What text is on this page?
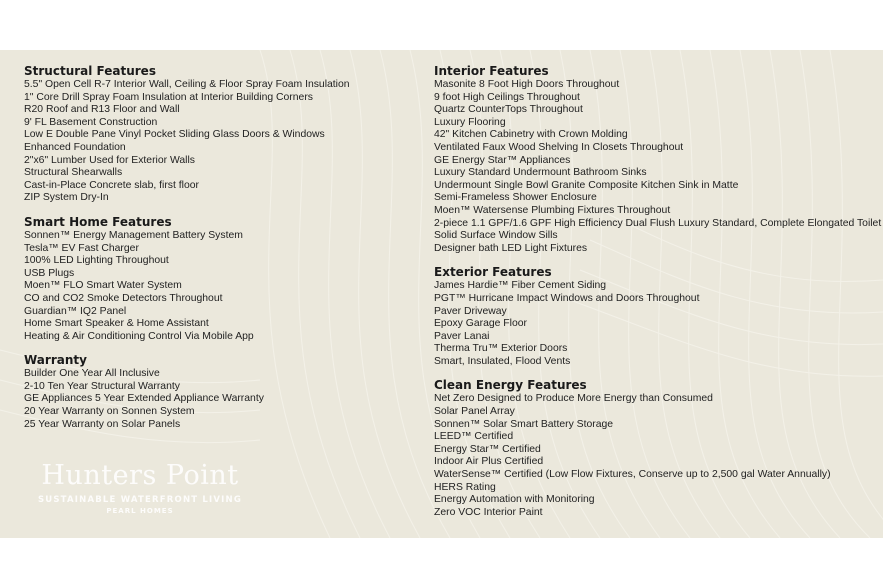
Structural Features
5.5" Open Cell R-7 Interior Wall, Ceiling & Floor Spray Foam Insulation
1" Core Drill Spray Foam Insulation at Interior Building Corners
R20 Roof and R13 Floor and Wall
9' FL Basement Construction
Low E Double Pane Vinyl Pocket Sliding Glass Doors & Windows
Enhanced Foundation
2"x6" Lumber Used for Exterior Walls
Structural Shearwalls
Cast-in-Place Concrete slab, first floor
ZIP System Dry-In
Smart Home Features
Sonnen™ Energy Management Battery System
Tesla™ EV Fast Charger
100% LED Lighting Throughout
USB Plugs
Moen™ FLO Smart Water System
CO and CO2 Smoke Detectors Throughout
Guardian™ IQ2 Panel
Home Smart Speaker & Home Assistant
Heating & Air Conditioning Control Via Mobile App
Warranty
Builder One Year All Inclusive
2-10 Ten Year Structural Warranty
GE Appliances 5 Year Extended Appliance Warranty
20 Year Warranty on Sonnen System
25 Year Warranty on Solar Panels
Interior Features
Masonite 8 Foot High Doors Throughout
9 foot High Ceilings Throughout
Quartz CounterTops Throughout
Luxury Flooring
42" Kitchen Cabinetry with Crown Molding
Ventilated Faux Wood Shelving In Closets Throughout
GE Energy Star™ Appliances
Luxury Standard Undermount Bathroom Sinks
Undermount Single Bowl Granite Composite Kitchen Sink in Matte
Semi-Frameless Shower Enclosure
Moen™ Watersense Plumbing Fixtures Throughout
2-piece 1.1 GPF/1.6 GPF High Efficiency Dual Flush Luxury Standard, Complete Elongated Toilet
Solid Surface Window Sills
Designer bath LED Light Fixtures
Exterior Features
James Hardie™ Fiber Cement Siding
PGT™ Hurricane Impact Windows and Doors Throughout
Paver Driveway
Epoxy Garage Floor
Paver Lanai
Therma Tru™ Exterior Doors
Smart, Insulated, Flood Vents
Clean Energy Features
Net Zero Designed to Produce More Energy than Consumed
Solar Panel Array
Sonnen™ Solar Smart Battery Storage
LEED™ Certified
Energy Star™ Certified
Indoor Air Plus Certified
WaterSense™ Certified (Low Flow Fixtures, Conserve up to 2,500 gal Water Annually)
HERS Rating
Energy Automation with Monitoring
Zero VOC Interior Paint
Hunters Point
SUSTAINABLE WATERFRONT LIVING
PEARL HOMES
